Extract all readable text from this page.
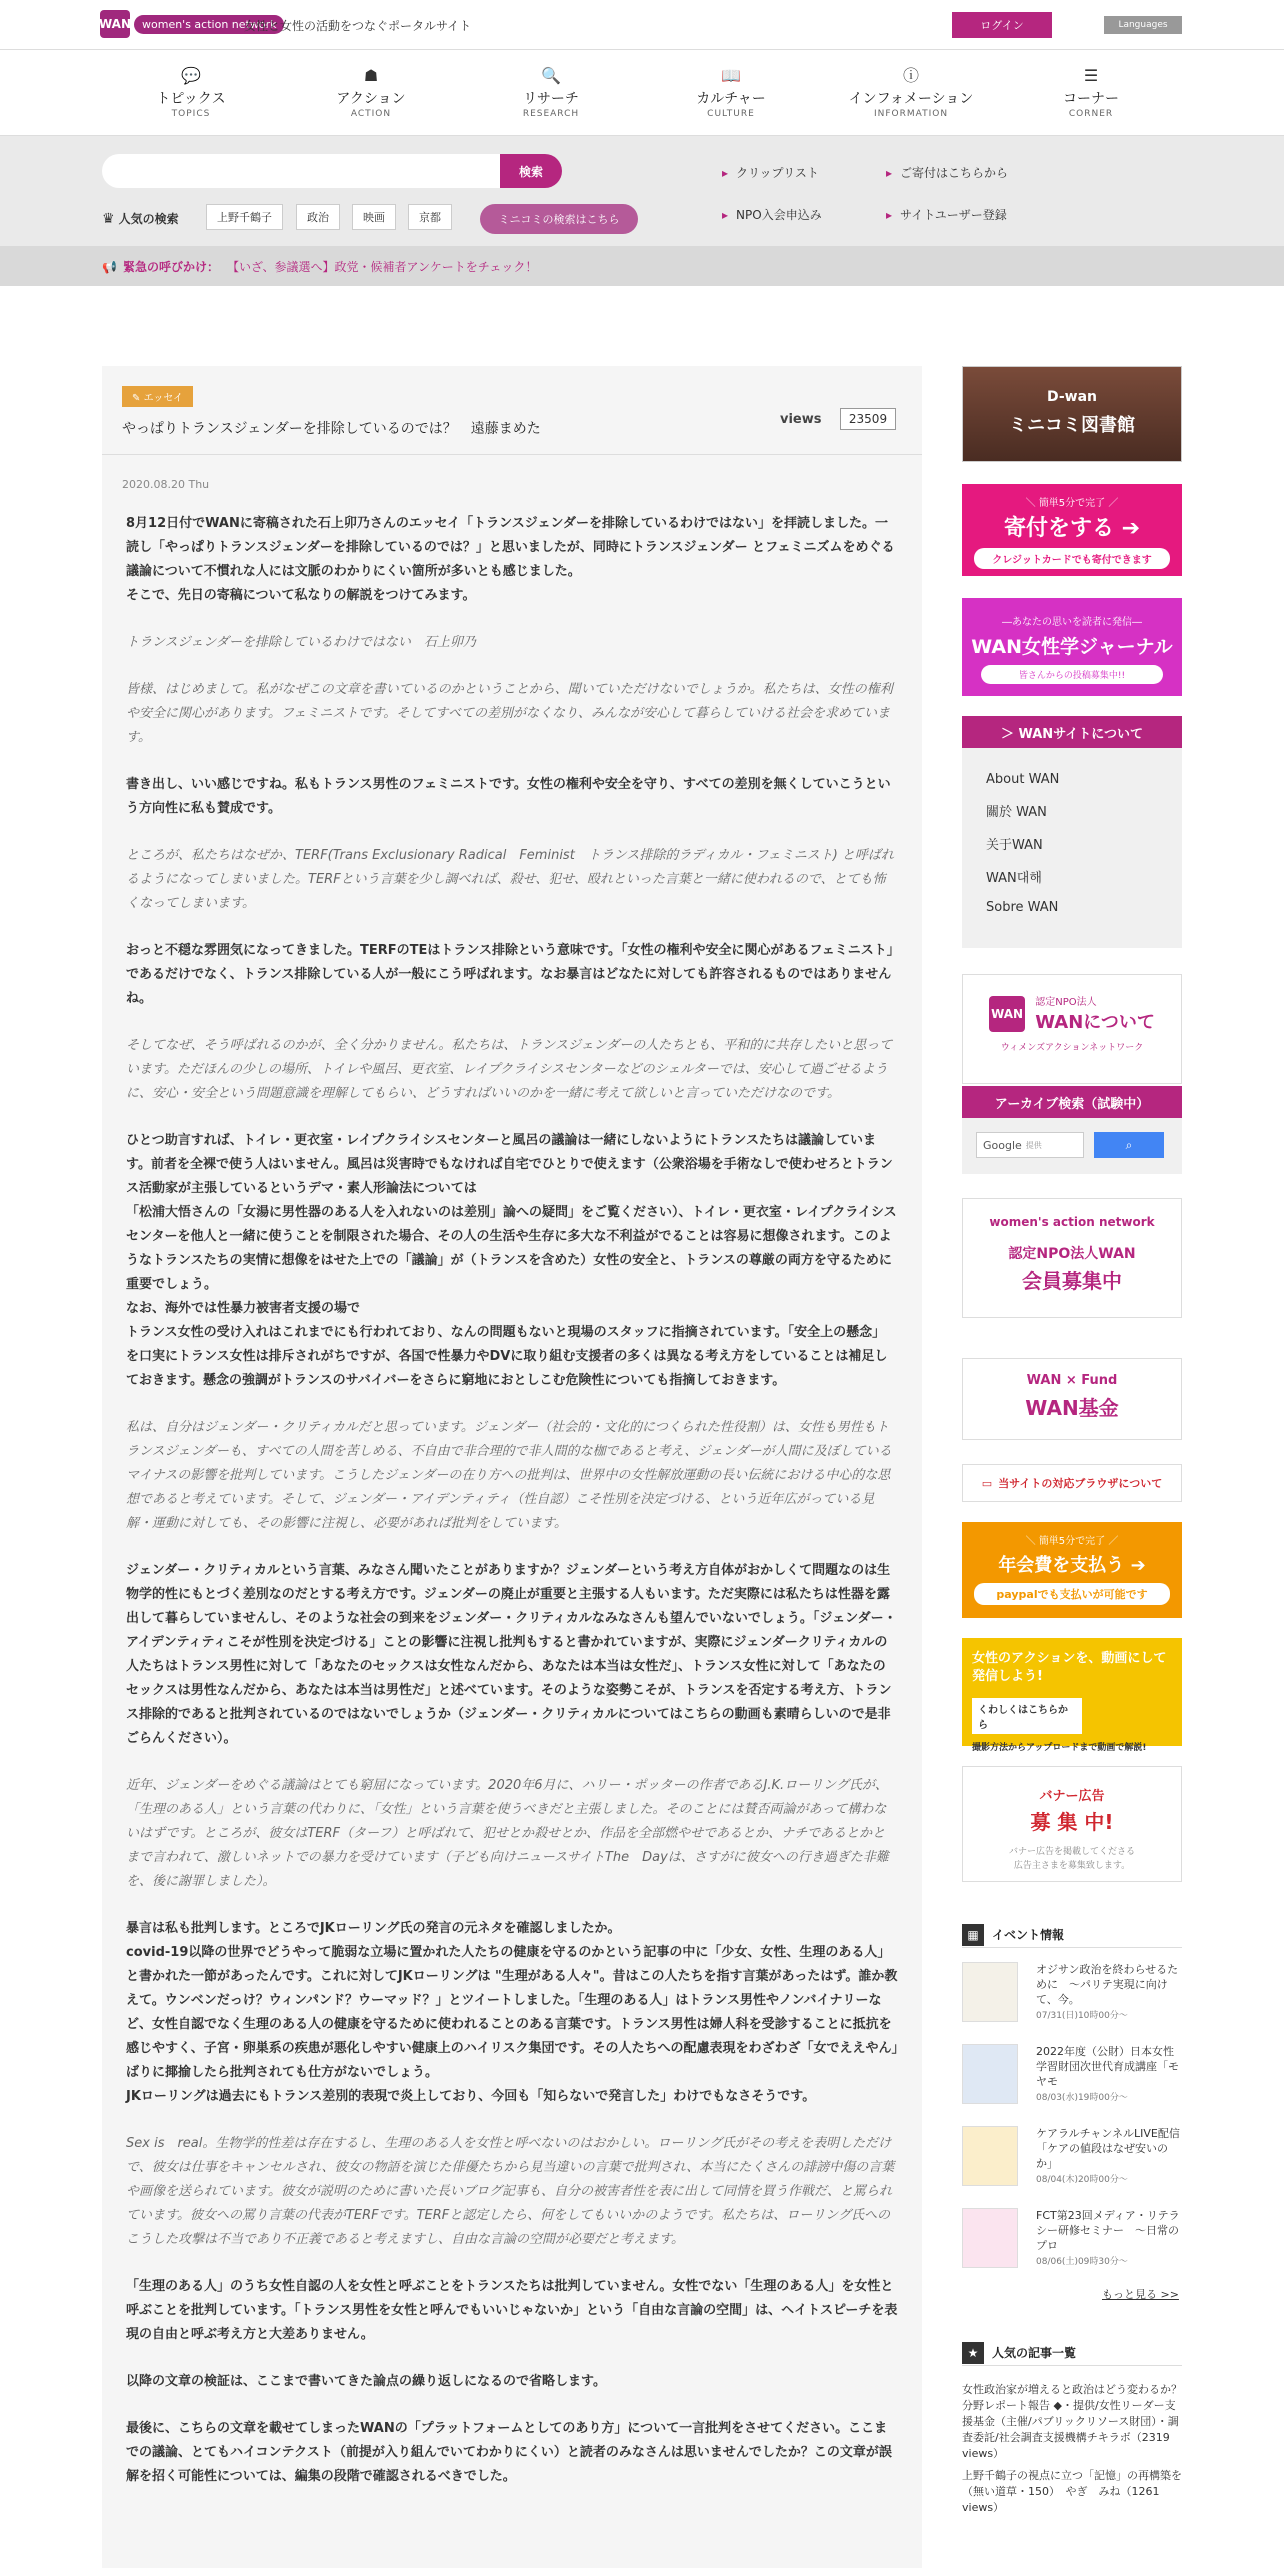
WAN women's action network
女性と女性の活動をつなぐポータルサイト	ログイン	Languages
💬
トピックス
TOPICS
☗
アクション
ACTION
🔍
リサーチ
RESEARCH
📖
カルチャー
CULTURE
ⓘ
インフォメーション
INFORMATION
☰
コーナー
CORNER
検索
♛ 人気の検索	上野千鶴子	政治	映画	京都	ミニコミの検索はこちら
▸ クリップリスト	▸ ご寄付はこちらから
▸ NPO入会申込み	▸ サイトユーザー登録
📢 緊急の呼びかけ： 【いざ、参議選へ】政党・候補者アンケートをチェック！
✎ エッセイ
やっぱりトランスジェンダーを排除しているのでは？　遠藤まめた
views	23509
2020.08.20 Thu

8月12日付でWANに寄稿された石上卯乃さんのエッセイ「トランスジェンダーを排除しているわけではない」を拝読しました。一読し「やっぱりトランスジェンダーを排除しているのでは？」と思いましたが、同時にトランスジェンダー とフェミニズムをめぐる議論について不慣れな人には文脈のわかりにくい箇所が多いとも感じました。
そこで、先日の寄稿について私なりの解説をつけてみます。

トランスジェンダーを排除しているわけではない　石上卯乃

皆様、はじめまして。私がなぜこの文章を書いているのかということから、聞いていただけないでしょうか。私たちは、女性の権利や安全に関心があります。フェミニストです。そしてすべての差別がなくなり、みんなが安心して暮らしていける社会を求めています。

書き出し、いい感じですね。私もトランス男性のフェミニストです。女性の権利や安全を守り、すべての差別を無くしていこうという方向性に私も賛成です。

ところが、私たちはなぜか、TERF(Trans Exclusionary Radical　Feminist　トランス排除的ラディカル・フェミニスト) と呼ばれるようになってしまいました。TERFという言葉を少し調べれば、殺せ、犯せ、殴れといった言葉と一緒に使われるので、とても怖くなってしまいます。

おっと不穏な雰囲気になってきました。TERFのTEはトランス排除という意味です。「女性の権利や安全に関心があるフェミニスト」であるだけでなく、トランス排除している人が一般にこう呼ばれます。なお暴言はどなたに対しても許容されるものではありませんね。

そしてなぜ、そう呼ばれるのかが、全く分かりません。私たちは、トランスジェンダーの人たちとも、平和的に共存したいと思っています。ただほんの少しの場所、トイレや風呂、更衣室、レイプクライシスセンターなどのシェルターでは、安心して過ごせるように、安心・安全という問題意識を理解してもらい、どうすればいいのかを一緒に考えて欲しいと言っていただけなのです。

ひとつ助言すれば、トイレ・更衣室・レイプクライシスセンターと風呂の議論は一緒にしないようにトランスたちは議論しています。前者を全裸で使う人はいません。風呂は災害時でもなければ自宅でひとりで使えます（公衆浴場を手術なしで使わせろとトランス活動家が主張しているというデマ・素人形論法については
「松浦大悟さんの「女湯に男性器のある人を入れないのは差別」論への疑問」をご覧ください）、トイレ・更衣室・レイプクライシスセンターを他人と一緒に使うことを制限された場合、その人の生活や生存に多大な不利益がでることは容易に想像されます。このようなトランスたちの実情に想像をはせた上での「議論」が（トランスを含めた）女性の安全と、トランスの尊厳の両方を守るために重要でしょう。
なお、海外では性暴力被害者支援の場で
トランス女性の受け入れはこれまでにも行われており、なんの問題もないと現場のスタッフに指摘されています。「安全上の懸念」を口実にトランス女性は排斥されがちですが、各国で性暴力やDVに取り組む支援者の多くは異なる考え方をしていることは補足しておきます。懸念の強調がトランスのサバイバーをさらに窮地におとしこむ危険性についても指摘しておきます。

私は、自分はジェンダー・クリティカルだと思っています。ジェンダー（社会的・文化的につくられた性役割）は、女性も男性もトランスジェンダーも、すべての人間を苦しめる、不自由で非合理的で非人間的な枷であると考え、ジェンダーが人間に及ぼしているマイナスの影響を批判しています。こうしたジェンダーの在り方への批判は、世界中の女性解放運動の長い伝統における中心的な思想であると考えています。そして、ジェンダー・アイデンティティ（性自認）こそ性別を決定づける、という近年広がっている見解・運動に対しても、その影響に注視し、必要があれば批判をしています。

ジェンダー・クリティカルという言葉、みなさん聞いたことがありますか？ジェンダーという考え方自体がおかしくて問題なのは生物学的性にもとづく差別なのだとする考え方です。ジェンダーの廃止が重要と主張する人もいます。ただ実際には私たちは性器を露出して暮らしていませんし、そのような社会の到来をジェンダー・クリティカルなみなさんも望んでいないでしょう。「ジェンダー・アイデンティティこそが性別を決定づける」ことの影響に注視し批判もすると書かれていますが、実際にジェンダークリティカルの人たちはトランス男性に対して「あなたのセックスは女性なんだから、あなたは本当は女性だ」、トランス女性に対して「あなたのセックスは男性なんだから、あなたは本当は男性だ」と述べています。そのような姿勢こそが、トランスを否定する考え方、トランス排除的であると批判されているのではないでしょうか（ジェンダー・クリティカルについてはこちらの動画も素晴らしいので是非ごらんください）。

近年、ジェンダーをめぐる議論はとても窮屈になっています。2020年6月に、ハリー・ポッターの作者であるJ.K.ローリング氏が、「生理のある人」という言葉の代わりに、「女性」という言葉を使うべきだと主張しました。そのことには賛否両論があって構わないはずです。ところが、彼女はTERF（ターフ）と呼ばれて、犯せとか殺せとか、作品を全部燃やせであるとか、ナチであるとかとまで言われて、激しいネットでの暴力を受けています（子ども向けニュースサイトThe　Dayは、さすがに彼女への行き過ぎた非難を、後に謝罪しました）。

暴言は私も批判します。ところでJKローリング氏の発言の元ネタを確認しましたか。
covid-19以降の世界でどうやって脆弱な立場に置かれた人たちの健康を守るのかという記事の中に「少女、女性、生理のある人」と書かれた一節があったんです。これに対してJKローリングは "生理がある人々"。昔はこの人たちを指す言葉があったはず。誰か教えて。ウンベンだっけ？ウィンパンド？ウーマッド？」とツイートしました。「生理のある人」はトランス男性やノンバイナリーなど、女性自認でなく生理のある人の健康を守るために使われることのある言葉です。トランス男性は婦人科を受診することに抵抗を感じやすく、子宮・卵巣系の疾患が悪化しやすい健康上のハイリスク集団です。その人たちへの配慮表現をわざわざ「女でええやん」ばりに揶揄したら批判されても仕方がないでしょう。
JKローリングは過去にもトランス差別的表現で炎上しており、今回も「知らないで発言した」わけでもなさそうです。

Sex is　real。生物学的性差は存在するし、生理のある人を女性と呼べないのはおかしい。ローリング氏がその考えを表明しただけで、彼女は仕事をキャンセルされ、彼女の物語を演じた俳優たちから見当違いの言葉で批判され、本当にたくさんの誹謗中傷の言葉や画像を送られています。彼女が説明のために書いた長いブログ記事も、自分の被害者性を表に出して同情を買う作戦だ、と罵られています。彼女への罵り言葉の代表がTERFです。TERFと認定したら、何をしてもいいかのようです。私たちは、ローリング氏へのこうした攻撃は不当であり不正義であると考えますし、自由な言論の空間が必要だと考えます。

「生理のある人」のうち女性自認の人を女性と呼ぶことをトランスたちは批判していません。女性でない「生理のある人」を女性と呼ぶことを批判しています。「トランス男性を女性と呼んでもいいじゃないか」という「自由な言論の空間」は、ヘイトスピーチを表現の自由と呼ぶ考え方と大差ありません。

以降の文章の検証は、ここまで書いてきた論点の繰り返しになるので省略します。

最後に、こちらの文章を載せてしまったWANの「プラットフォームとしてのあり方」について一言批判をさせてください。ここまでの議論、とてもハイコンテクスト（前提が入り組んでいてわかりにくい）と読者のみなさんは思いませんでしたか？この文章が誤解を招く可能性については、編集の段階で確認されるべきでした。

D-wan
ミニコミ図書館
＼ 簡単5分で完了 ／
寄付をする ➔
クレジットカードでも寄付できます
―あなたの思いを読者に発信―
WAN女性学ジャーナル
皆さんからの投稿募集中!!
＞ WANサイトについて
About WAN
關於 WAN
关于WAN
WAN대해
Sobre WAN
WAN
認定NPO法人
WANについて
ウィメンズアクションネットワーク
アーカイブ検索（試験中）
Google 提供	⌕
women's action network
認定NPO法人WAN
会員募集中
WAN × Fund
WAN基金
▭ 当サイトの対応ブラウザについて
＼ 簡単5分で完了 ／
年会費を支払う ➔
paypalでも支払いが可能です
女性のアクションを、動画にして発信しよう!
くわしくはこちらから
撮影方法からアップロードまで動画で解説!
バナー広告
募 集 中!
バナー広告を掲載してくださる
広告主さまを募集致します。
▦	イベント情報
オジサン政治を終わらせるために　～パリテ実現に向けて、今。
07/31(日)10時00分～
2022年度（公財）日本女性学習財団次世代育成講座「モヤモ
08/03(水)19時00分～
ケアラルチャンネルLIVE配信「ケアの値段はなぜ安いのか」
08/04(木)20時00分～
FCT第23回メディア・リテラシー研修セミナー　～日常のプロ
08/06(土)09時30分～
もっと見る >>
★	人気の記事一覧
女性政治家が増えると政治はどう変わるか？分野レポート報告 ◆・提供/女性リーダー支援基金（主催/パブリックリソース財団）・調査委託/社会調査支援機構チキラボ（2319 views）
上野千鶴子の視点に立つ「記憶」の再構築を（無い道草・150）　やぎ　みね（1261 views）
